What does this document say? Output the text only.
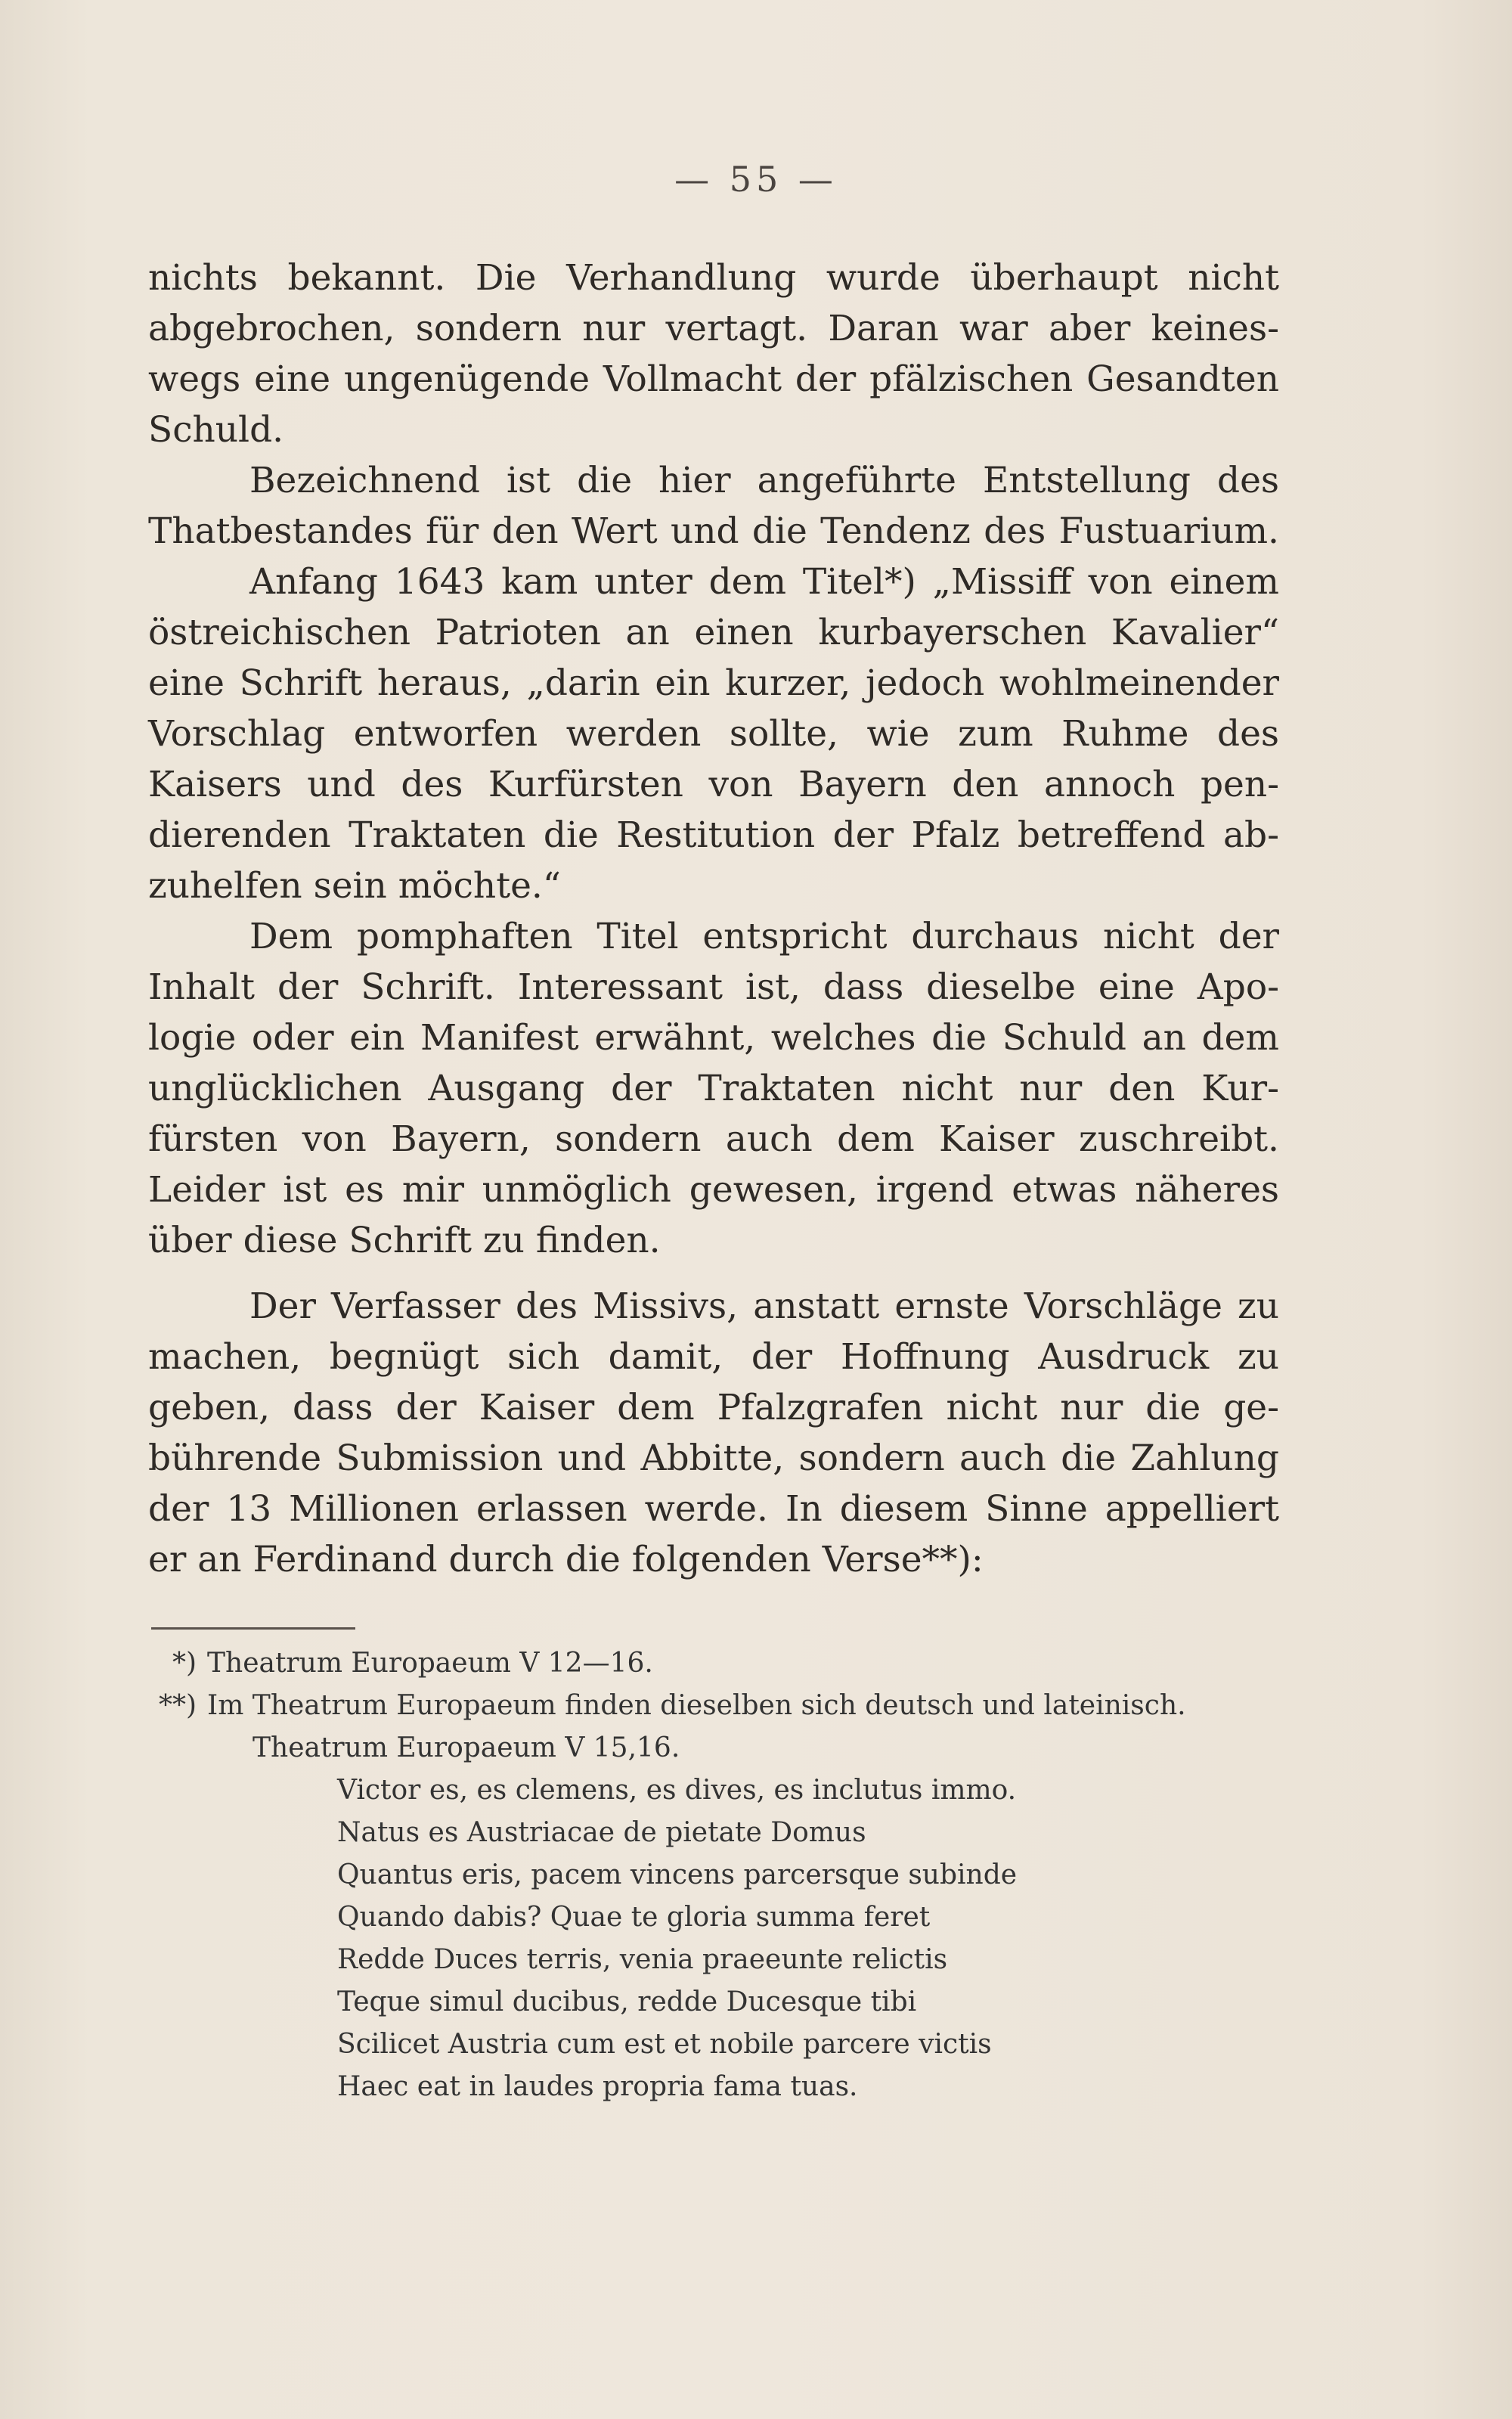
— 55 —
nichts bekannt. Die Verhandlung wurde überhaupt nicht
abgebrochen, sondern nur vertagt. Daran war aber keines-
wegs eine ungenügende Vollmacht der pfälzischen Gesandten
Schuld.
Bezeichnend ist die hier angeführte Entstellung des
Thatbestandes für den Wert und die Tendenz des Fustuarium.
Anfang 1643 kam unter dem Titel*) „Missiff von einem
östreichischen Patrioten an einen kurbayerschen Kavalier“
eine Schrift heraus, „darin ein kurzer, jedoch wohlmeinender
Vorschlag entworfen werden sollte, wie zum Ruhme des
Kaisers und des Kurfürsten von Bayern den annoch pen-
dierenden Traktaten die Restitution der Pfalz betreffend ab-
zuhelfen sein möchte.“
Dem pomphaften Titel entspricht durchaus nicht der
Inhalt der Schrift. Interessant ist, dass dieselbe eine Apo-
logie oder ein Manifest erwähnt, welches die Schuld an dem
unglücklichen Ausgang der Traktaten nicht nur den Kur-
fürsten von Bayern, sondern auch dem Kaiser zuschreibt.
Leider ist es mir unmöglich gewesen, irgend etwas näheres
über diese Schrift zu finden.
Der Verfasser des Missivs, anstatt ernste Vorschläge zu
machen, begnügt sich damit, der Hoffnung Ausdruck zu
geben, dass der Kaiser dem Pfalzgrafen nicht nur die ge-
bührende Submission und Abbitte, sondern auch die Zahlung
der 13 Millionen erlassen werde. In diesem Sinne appelliert
er an Ferdinand durch die folgenden Verse**):
*) Theatrum Europaeum V 12—16.
**) Im Theatrum Europaeum finden dieselben sich deutsch und lateinisch.
Theatrum Europaeum V 15,16.
Victor es, es clemens, es dives, es inclutus immo.
Natus es Austriacae de pietate Domus
Quantus eris, pacem vincens parcersque subinde
Quando dabis? Quae te gloria summa feret
Redde Duces terris, venia praeeunte relictis
Teque simul ducibus, redde Ducesque tibi
Scilicet Austria cum est et nobile parcere victis
Haec eat in laudes propria fama tuas.
